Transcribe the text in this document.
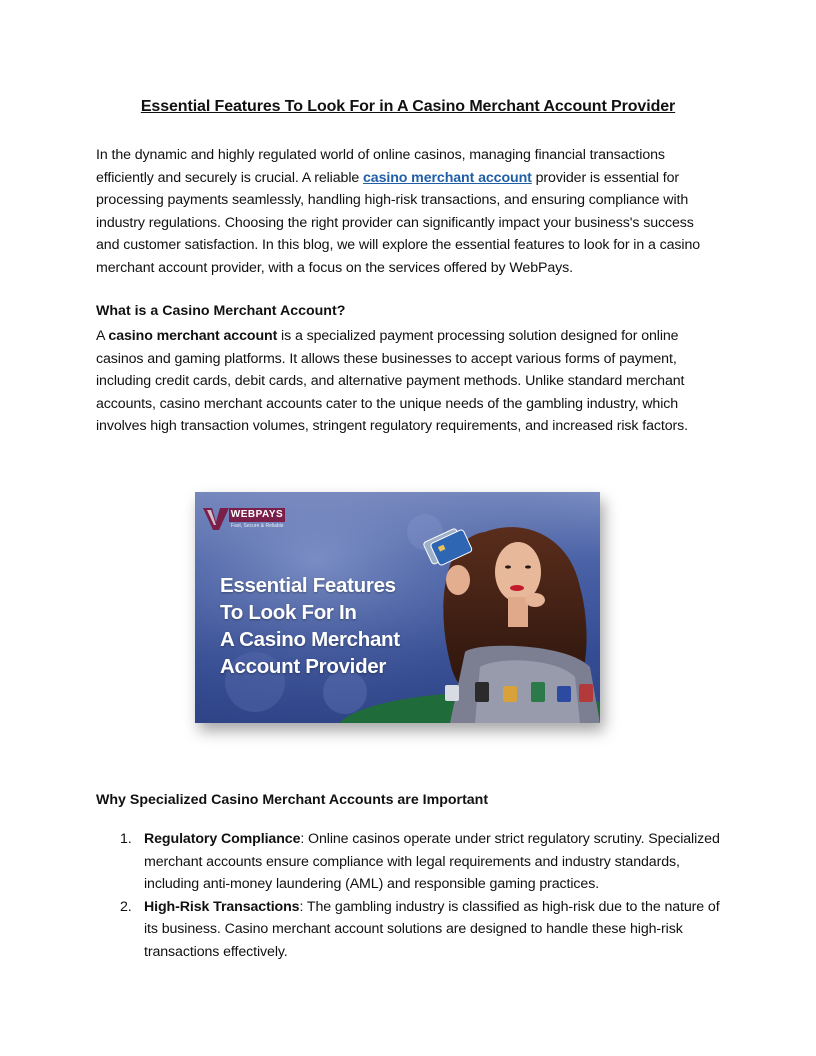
Essential Features To Look For in A Casino Merchant Account Provider
In the dynamic and highly regulated world of online casinos, managing financial transactions efficiently and securely is crucial. A reliable casino merchant account provider is essential for processing payments seamlessly, handling high-risk transactions, and ensuring compliance with industry regulations. Choosing the right provider can significantly impact your business's success and customer satisfaction. In this blog, we will explore the essential features to look for in a casino merchant account provider, with a focus on the services offered by WebPays.
What is a Casino Merchant Account?
A casino merchant account is a specialized payment processing solution designed for online casinos and gaming platforms. It allows these businesses to accept various forms of payment, including credit cards, debit cards, and alternative payment methods. Unlike standard merchant accounts, casino merchant accounts cater to the unique needs of the gambling industry, which involves high transaction volumes, stringent regulatory requirements, and increased risk factors.
WEBPAYS
Fast, Secure & Reliable
Essential Features
To Look For In
A Casino Merchant
Account Provider
Why Specialized Casino Merchant Accounts are Important
1. Regulatory Compliance: Online casinos operate under strict regulatory scrutiny. Specialized merchant accounts ensure compliance with legal requirements and industry standards, including anti-money laundering (AML) and responsible gaming practices.
2. High-Risk Transactions: The gambling industry is classified as high-risk due to the nature of its business. Casino merchant account solutions are designed to handle these high-risk transactions effectively.
